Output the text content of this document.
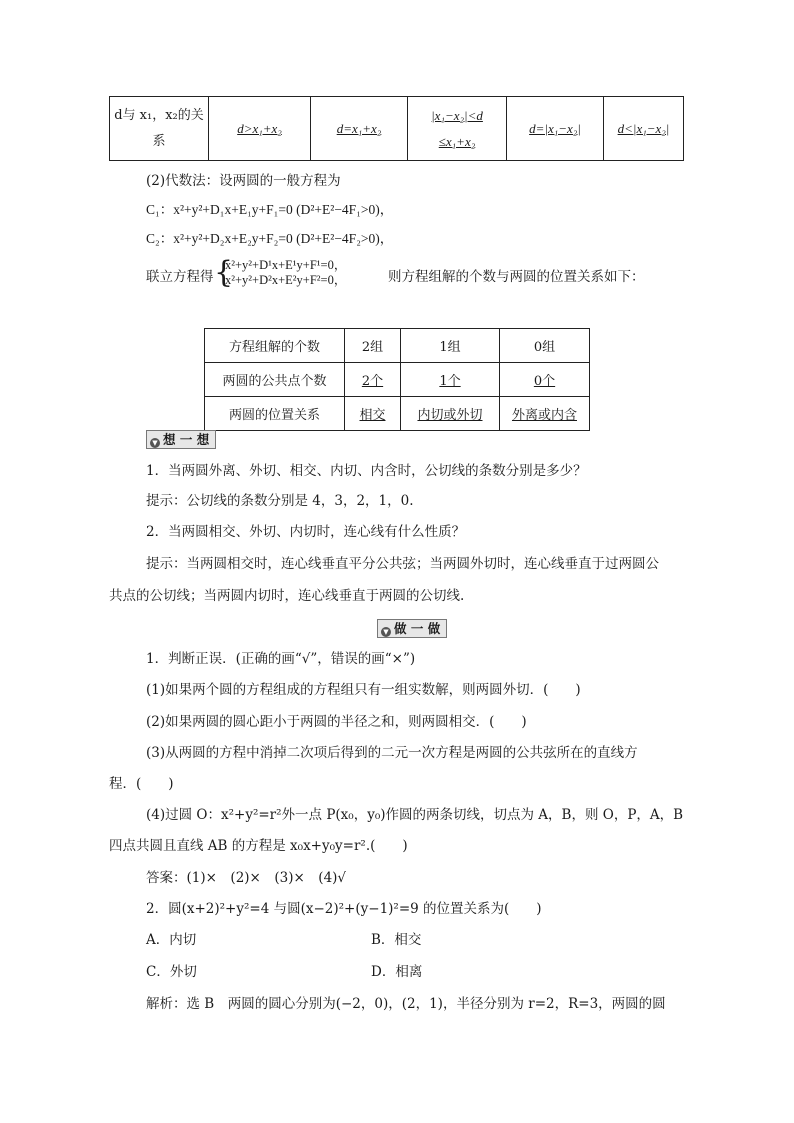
d与 x₁，x₂的关系	d>x₁+x₂	d=x₁+x₂	|x₁−x₂|<d
≤x₁+x₂	d=|x₁−x₂|	d<|x₁−x₂|
(2)代数法：设两圆的一般方程为
C₁：x²+y²+D₁x+E₁y+F₁=0 (D²+E²−4F₁>0)，
C₂：x²+y²+D₂x+E₂y+F₂=0 (D²+E²−4F₂>0)，
联立方程得 {
x²+y²+D¹x+E¹y+F¹=0，
x²+y²+D²x+E²y+F²=0，	则方程组解的个数与两圆的位置关系如下：
方程组解的个数	2组	1组	0组
两圆的公共点个数	2个	1个	0个
两圆的位置关系	相交	内切或外切	外离或内含
▼ 想 一 想
1．当两圆外离、外切、相交、内切、内含时，公切线的条数分别是多少？
提示：公切线的条数分别是 4，3，2，1，0.
2．当两圆相交、外切、内切时，连心线有什么性质？
提示：当两圆相交时，连心线垂直平分公共弦；当两圆外切时，连心线垂直于过两圆公
共点的公切线；当两圆内切时，连心线垂直于两圆的公切线.
▼ 做 一 做
1．判断正误．(正确的画“√”，错误的画“×”)
(1)如果两个圆的方程组成的方程组只有一组实数解，则两圆外切．(　　)
(2)如果两圆的圆心距小于两圆的半径之和，则两圆相交．(　　)
(3)从两圆的方程中消掉二次项后得到的二元一次方程是两圆的公共弦所在的直线方
程．(　　)
(4)过圆 O：x²+y²=r²外一点 P(x₀，y₀)作圆的两条切线，切点为 A，B，则 O，P，A，B
四点共圆且直线 AB 的方程是 x₀x+y₀y=r².(　　)
答案：(1)×　(2)×　(3)×　(4)√
2．圆(x+2)²+y²=4 与圆(x−2)²+(y−1)²=9 的位置关系为(　　)
A．内切	B．相交
C．外切	D．相离
解析：选 B　两圆的圆心分别为(−2，0)，(2，1)，半径分别为 r=2，R=3，两圆的圆
